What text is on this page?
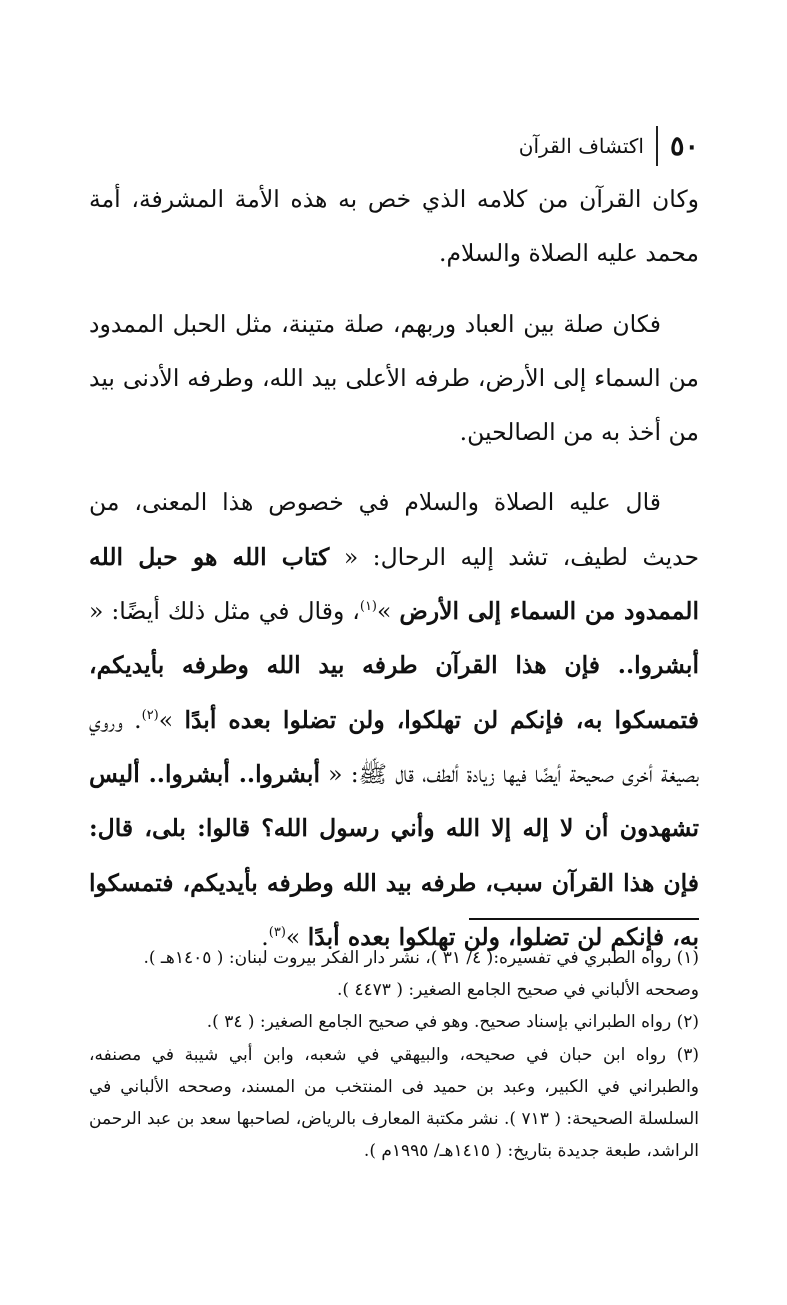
٥٠
اكتشاف القرآن

وكان القرآن من كلامه الذي خص به هذه الأمة المشرفة، أمة محمد عليه الصلاة والسلام.

فكان صلة بين العباد وربهم، صلة متينة، مثل الحبل الممدود من السماء إلى الأرض، طرفه الأعلى بيد الله، وطرفه الأدنى بيد من أخذ به من الصالحين.

قال عليه الصلاة والسلام في خصوص هذا المعنى، من حديث لطيف، تشد إليه الرحال: « كتاب الله هو حبل الله الممدود من السماء إلى الأرض »$^{(١)}$، وقال في مثل ذلك أيضًا: « أبشروا.. فإن هذا القرآن طرفه بيد الله وطرفه بأيديكم، فتمسكوا به، فإنكم لن تهلكوا، ولن تضلوا بعده أبدًا »$^{(٢)}$. وروي بصيغة أخرى صحيحة أيضًا فيها زيادة ألطف، قال ﷺ: « أبشروا.. أبشروا.. أليس تشهدون أن لا إله إلا الله وأني رسول الله؟ قالوا: بلى، قال: فإن هذا القرآن سبب، طرفه بيد الله وطرفه بأيديكم، فتمسكوا به، فإنكم لن تضلوا، ولن تهلكوا بعده أبدًا »$^{(٣)}$.

(١) رواه الطبري في تفسيره:( ٤/ ٣١ )، نشر دار الفكر بيروت لبنان: ( ١٤٠٥هـ ).

وصححه الألباني في صحيح الجامع الصغير: ( ٤٤٧٣ ).

(٢) رواه الطبراني بإسناد صحيح. وهو في صحيح الجامع الصغير: ( ٣٤ ).

(٣) رواه ابن حبان في صحيحه، والبيهقي في شعبه، وابن أبي شيبة في مصنفه، والطبراني في الكبير، وعبد بن حميد فى المنتخب من المسند، وصححه الألباني في السلسلة الصحيحة: ( ٧١٣ ). نشر مكتبة المعارف بالرياض، لصاحبها سعد بن عبد الرحمن الراشد، طبعة جديدة بتاريخ: ( ١٤١٥هـ/ ١٩٩٥م ).
